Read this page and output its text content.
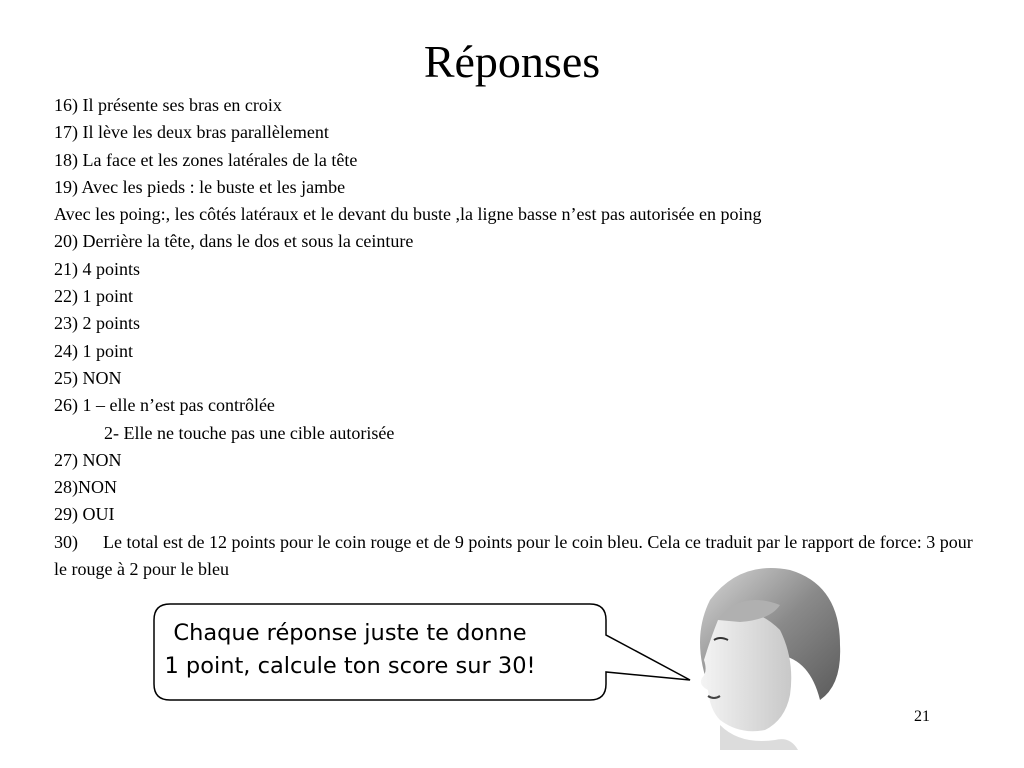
Réponses
16) Il présente ses bras en croix
17) Il lève les deux bras parallèlement
18) La face et les zones latérales de la tête
19) Avec les pieds : le buste et les jambe
Avec les poing:, les côtés latéraux et le devant du buste ,la ligne basse n’est pas autorisée en poing
20) Derrière la tête, dans le dos et sous la ceinture
21) 4 points
22) 1 point
23) 2 points
24) 1 point
25) NON
26) 1 – elle n’est pas contrôlée
2- Elle ne touche pas une cible autorisée
27) NON
28)NON
29) OUI
30) Le total est de 12 points pour le coin rouge et de 9 points pour le coin bleu. Cela ce traduit par le rapport de force: 3 pour le rouge à 2 pour le bleu
Chaque réponse juste te donne
1 point, calcule ton score sur 30!
21
